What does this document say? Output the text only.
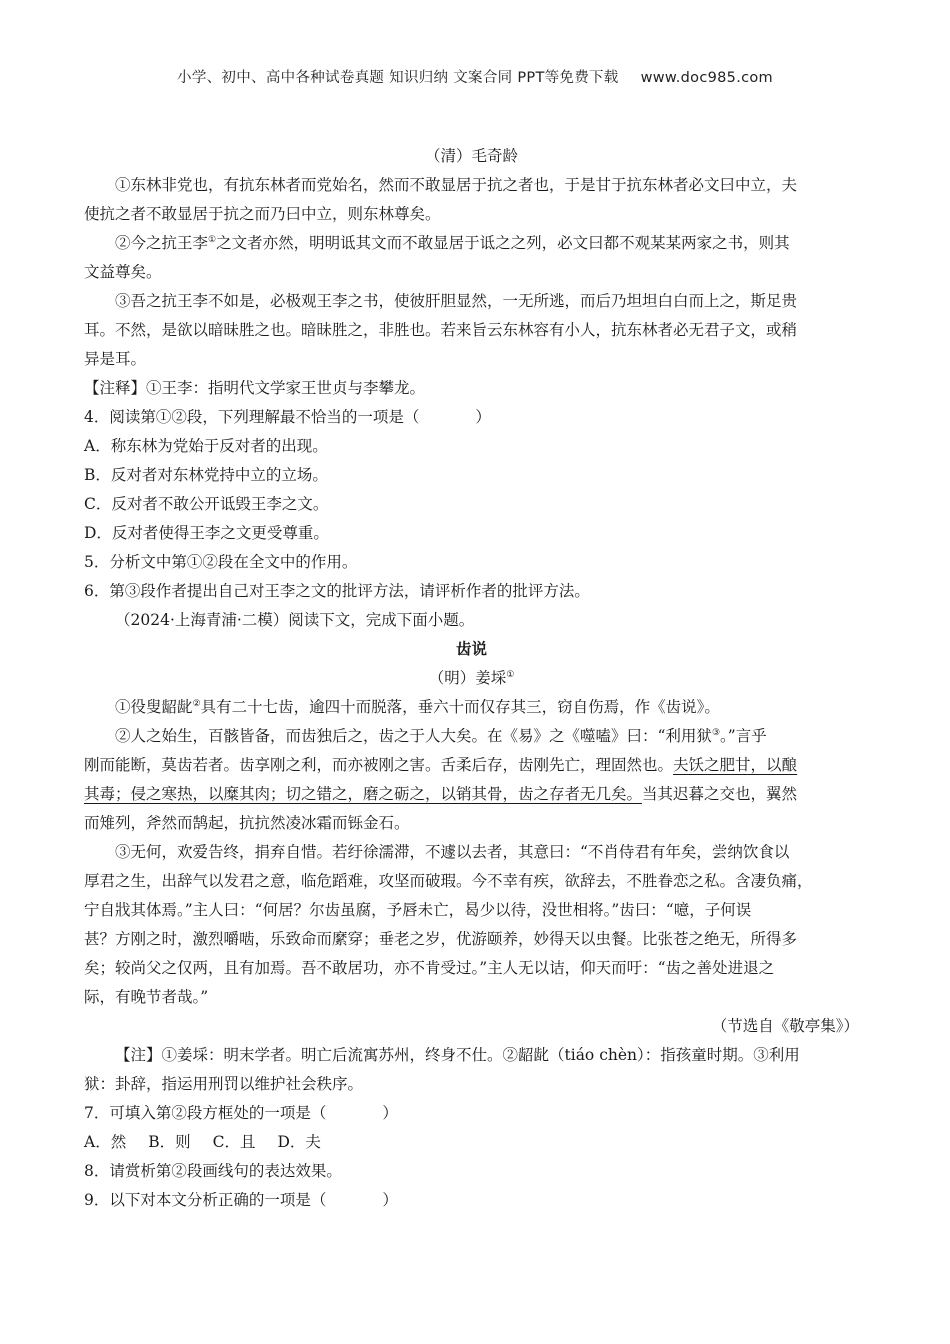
小学、初中、高中各种试卷真题 知识归纳 文案合同 PPT等免费下载 www.doc985.com

（清）毛奇龄

①东林非党也，有抗东林者而党始名，然而不敢显居于抗之者也，于是甘于抗东林者必文曰中立，夫

使抗之者不敢显居于抗之而乃曰中立，则东林尊矣。

②今之抗王李①之文者亦然，明明诋其文而不敢显居于诋之之列，必文曰都不观某某两家之书，则其

文益尊矣。

③吾之抗王李不如是，必极观王李之书，使彼肝胆显然，一无所逃，而后乃坦坦白白而上之，斯足贵

耳。不然，是欲以暗昧胜之也。暗昧胜之，非胜也。若来旨云东林容有小人，抗东林者必无君子文，或稍

异是耳。

【注释】①王李：指明代文学家王世贞与李攀龙。

4．阅读第①②段，下列理解最不恰当的一项是（	）

A．称东林为党始于反对者的出现。

B．反对者对东林党持中立的立场。

C．反对者不敢公开诋毁王李之文。

D．反对者使得王李之文更受尊重。

5．分析文中第①②段在全文中的作用。

6．第③段作者提出自己对王李之文的批评方法，请评析作者的批评方法。

（2024·上海青浦·二模）阅读下文，完成下面小题。

齿说

（明）姜埰①

①役叟龆龀②具有二十七齿，逾四十而脱落，垂六十而仅存其三，窃自伤焉，作《齿说》。

②人之始生，百骸皆备，而齿独后之，齿之于人大矣。在《易》之《噬嗑》曰：“利用狱③。”言乎

刚而能断，莫齿若者。齿享刚之利，而亦被刚之害。舌柔后存，齿刚先亡，理固然也。夫饫之肥甘，以酿

其毒；侵之寒热，以糜其肉；切之错之，磨之砺之，以销其骨，齿之存者无几矣。当其迟暮之交也，翼然

而雉列，斧然而鹄起，抗抗然凌冰霜而铄金石。

③无何，欢爱告终，捐弃自惜。若纡徐濡滞，不遽以去者，其意曰：“不肖侍君有年矣，尝纳饮食以

厚君之生，出辞气以发君之意，临危蹈难，攻坚而破瑕。今不幸有疾，欲辞去，不胜眷恋之私。含凄负痛，

宁自戕其体焉。”主人曰：“何居？尔齿虽腐，予唇未亡，曷少以待，没世相将。”齿曰：“噫，子何误

甚？方刚之时，激烈嚼啮，乐致命而縻穿；垂老之岁，优游颐养，妙得天以虫餐。比张苍之绝无，所得多

矣；较尚父之仅两，且有加焉。吾不敢居功，亦不肯受过。”主人无以诘，仰天而吁：“齿之善处进退之

际，有晚节者哉。”

（节选自《敬亭集》）

【注】①姜埰：明末学者。明亡后流寓苏州，终身不仕。②龆龀（tiáo chèn）：指孩童时期。③利用

狱：卦辞，指运用刑罚以维护社会秩序。

7．可填入第②段方框处的一项是（	）

A．然 B．则 C．且 D．夫

8．请赏析第②段画线句的表达效果。

9．以下对本文分析正确的一项是（	）
